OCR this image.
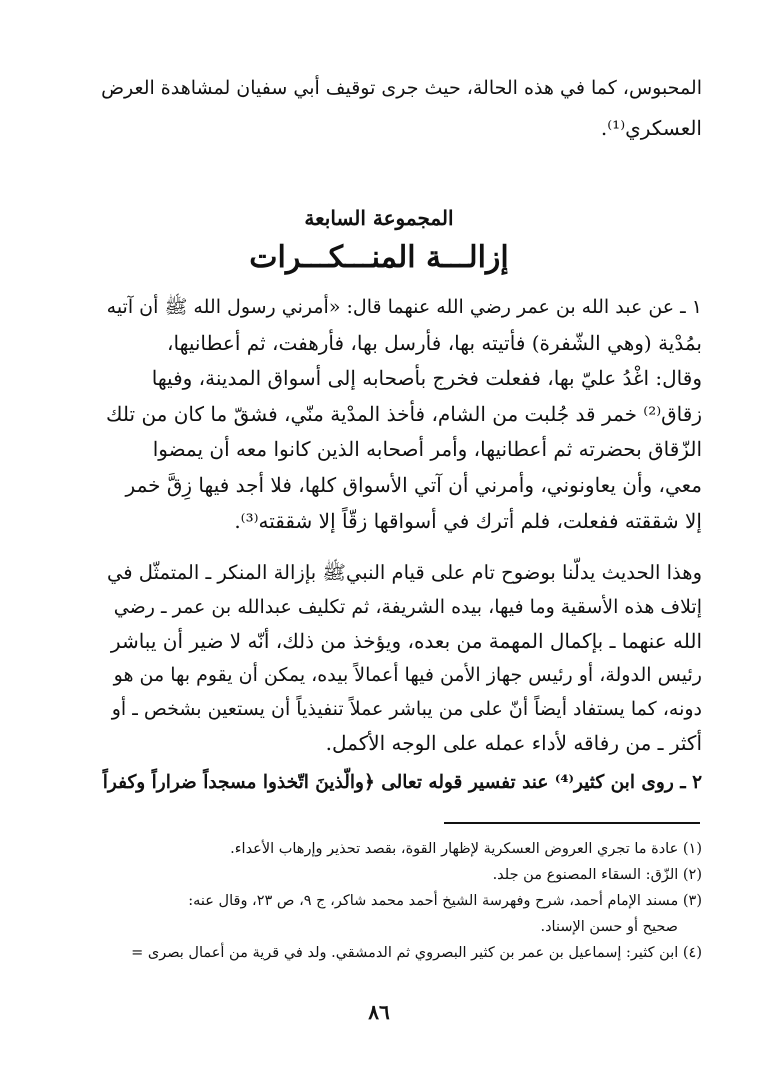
المحبوس، كما في هذه الحالة، حيث جرى توقيف أبي سفيان لمشاهدة العرض
العسكري⁽¹⁾.
المجموعة السابعة
إزالـــة المنـــكـــرات
١ ـ عن عبد الله بن عمر رضي الله عنهما قال: «أمرني رسول الله ﷺ أن آتيه
بمُدْية (وهي الشّفرة) فأتيته بها، فأرسل بها، فأرهفت، ثم أعطانيها،
وقال: اغْدُ عليّ بها، ففعلت فخرج بأصحابه إلى أسواق المدينة، وفيها
زقاق⁽²⁾ خمر قد جُلبت من الشام، فأخذ المدْية منّي، فشقّ ما كان من تلك
الزّقاق بحضرته ثم أعطانيها، وأمر أصحابه الذين كانوا معه أن يمضوا
معي، وأن يعاونوني، وأمرني أن آتي الأسواق كلها، فلا أجد فيها زِقَّ خمر
إلا شققته ففعلت، فلم أترك في أسواقها زقّاً إلا شققته⁽³⁾.
وهذا الحديث يدلّنا بوضوح تام على قيام النبيﷺ بإزالة المنكر ـ المتمثّل في
إتلاف هذه الأسقية وما فيها، بيده الشريفة، ثم تكليف عبدالله بن عمر ـ رضي
الله عنهما ـ بإكمال المهمة من بعده، ويؤخذ من ذلك، أنّه لا ضير أن يباشر
رئيس الدولة، أو رئيس جهاز الأمن فيها أعمالاً بيده، يمكن أن يقوم بها من هو
دونه، كما يستفاد أيضاً أنّ على من يباشر عملاً تنفيذياً أن يستعين بشخص ـ أو
أكثر ـ من رفاقه لأداء عمله على الوجه الأكمل.
٢ ـ روى ابن كثير⁽⁴⁾ عند تفسير قوله تعالى ﴿والّذينَ اتّخذوا مسجداً ضراراً وكفراً
(١) عادة ما تجري العروض العسكرية لإظهار القوة، بقصد تحذير وإرهاب الأعداء.
(٢) الزّق: السقاء المصنوع من جلد.
(٣) مسند الإمام أحمد، شرح وفهرسة الشيخ أحمد محمد شاكر، ج ٩، ص ٢٣، وقال عنه:
صحيح أو حسن الإسناد.
(٤) ابن كثير: إسماعيل بن عمر بن كثير البصروي ثم الدمشقي. ولد في قرية من أعمال بصرى =
٨٦
